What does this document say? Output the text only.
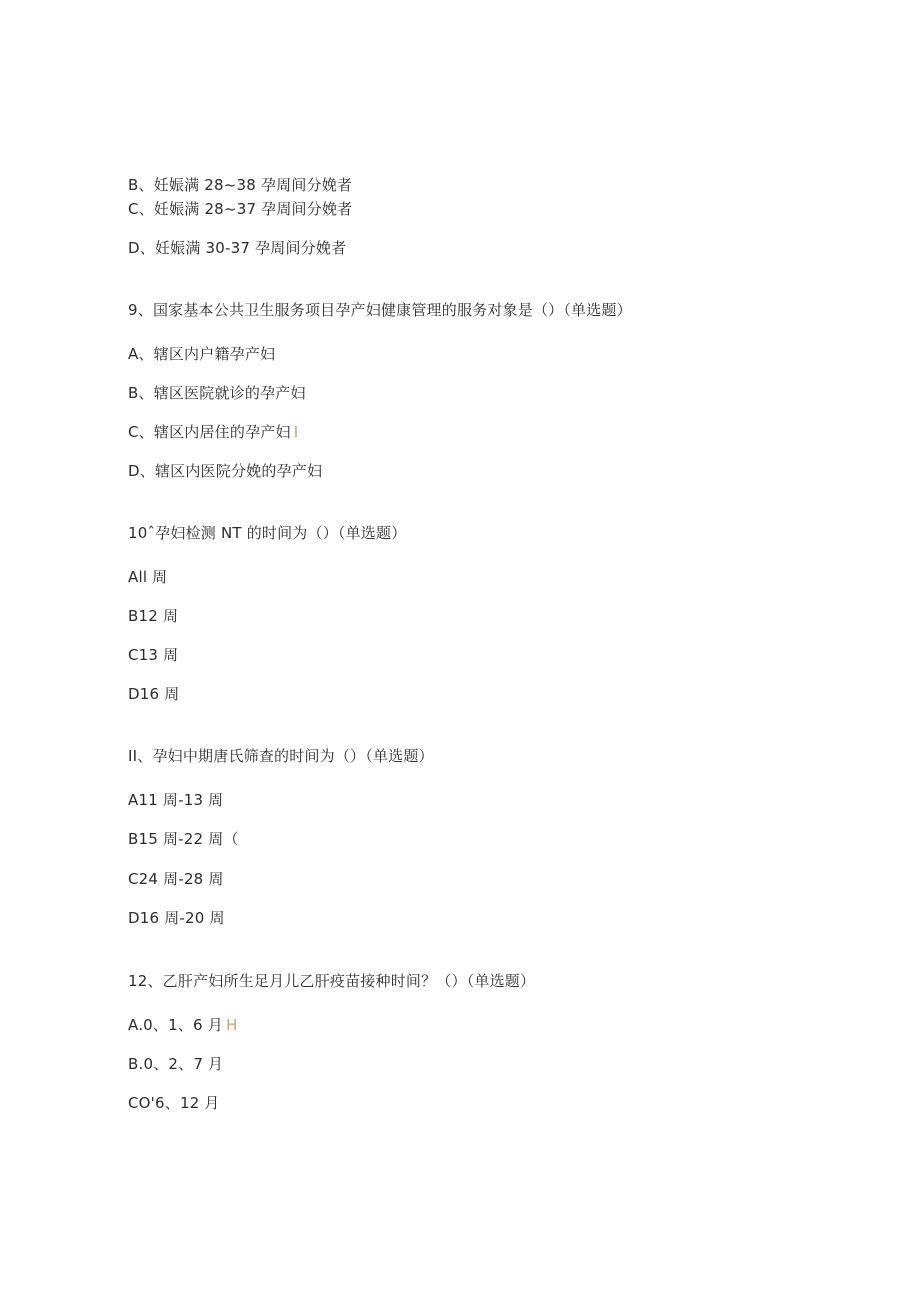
B、妊娠满 28~38 孕周间分娩者
C、妊娠满 28~37 孕周间分娩者
D、妊娠满 30-37 孕周间分娩者
9、国家基本公共卫生服务项目孕产妇健康管理的服务对象是（）（单选题）
A、辖区内户籍孕产妇
B、辖区医院就诊的孕产妇
C、辖区内居住的孕产妇 I
D、辖区内医院分娩的孕产妇
10ˆ孕妇检测 NT 的时间为（）（单选题）
All 周
B12 周
C13 周
D16 周
II、孕妇中期唐氏筛查的时间为（）（单选题）
A11 周-13 周
B15 周-22 周（
C24 周-28 周
D16 周-20 周
12、乙肝产妇所生足月儿乙肝疫苗接种时间？（）（单选题）
A.0、1、6 月 H
B.0、2、7 月
CO'6、12 月
